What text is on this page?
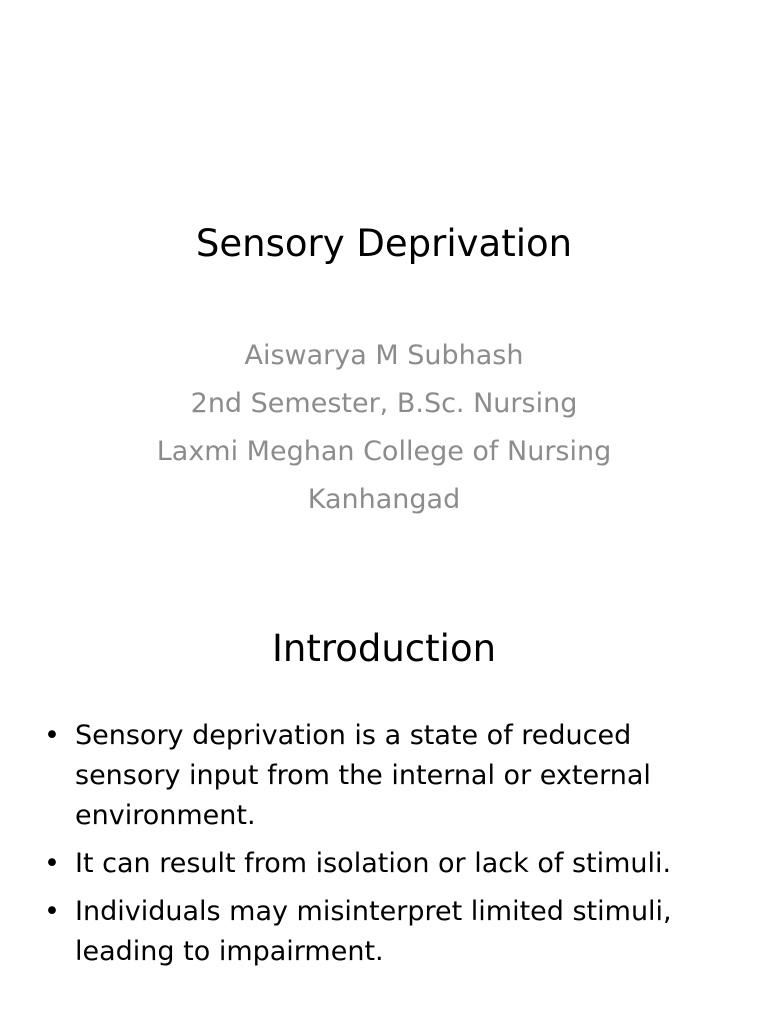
Sensory Deprivation
Aiswarya M Subhash
2nd Semester, B.Sc. Nursing
Laxmi Meghan College of Nursing
Kanhangad
Introduction
• Sensory deprivation is a state of reduced sensory input from the internal or external environment.
• It can result from isolation or lack of stimuli.
• Individuals may misinterpret limited stimuli, leading to impairment.
